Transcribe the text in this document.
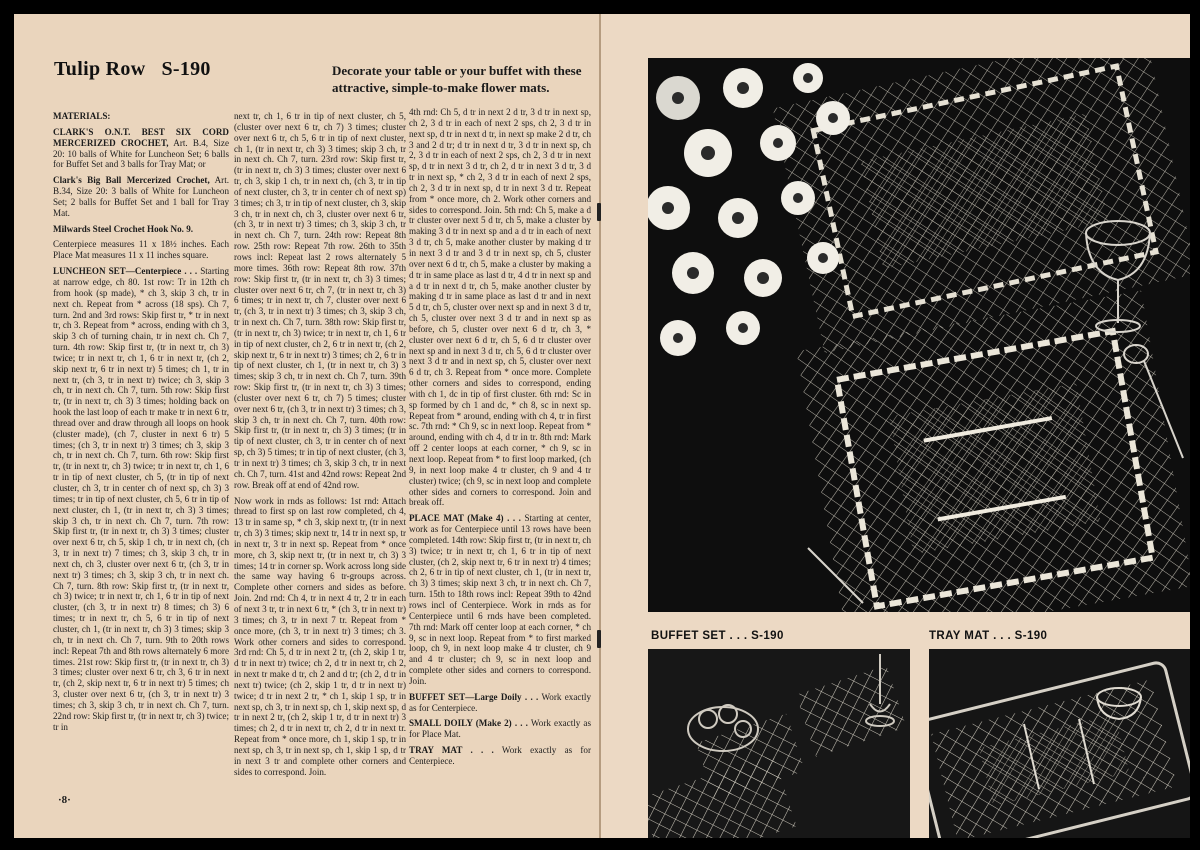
Tulip Row S-190	Decorate your table or your buffet with these attractive, simple-to-make flower mats.

MATERIALS:

CLARK'S O.N.T. BEST SIX CORD MERCERIZED CROCHET, Art. B.4, Size 20: 10 balls of White for Luncheon Set; 6 balls for Buffet Set and 3 balls for Tray Mat; or

Clark's Big Ball Mercerized Crochet, Art. B.34, Size 20: 3 balls of White for Luncheon Set; 2 balls for Buffet Set and 1 ball for Tray Mat.

Milwards Steel Crochet Hook No. 9.

Centerpiece measures 11 x 18½ inches. Each Place Mat measures 11 x 11 inches square.

LUNCHEON SET—Centerpiece . . . Starting at narrow edge, ch 80. 1st row: Tr in 12th ch from hook (sp made), * ch 3, skip 3 ch, tr in next ch. Repeat from * across (18 sps). Ch 7, turn. 2nd and 3rd rows: Skip first tr, * tr in next tr, ch 3. Repeat from * across, ending with ch 3, skip 3 ch of turning chain, tr in next ch. Ch 7, turn. 4th row: Skip first tr, (tr in next tr, ch 3) twice; tr in next tr, ch 1, 6 tr in next tr, (ch 2, skip next tr, 6 tr in next tr) 5 times; ch 1, tr in next tr, (ch 3, tr in next tr) twice; ch 3, skip 3 ch, tr in next ch. Ch 7, turn. 5th row: Skip first tr, (tr in next tr, ch 3) 3 times; holding back on hook the last loop of each tr make tr in next 6 tr, thread over and draw through all loops on hook (cluster made), (ch 7, cluster in next 6 tr) 5 times; (ch 3, tr in next tr) 3 times; ch 3, skip 3 ch, tr in next ch. Ch 7, turn. 6th row: Skip first tr, (tr in next tr, ch 3) twice; tr in next tr, ch 1, 6 tr in tip of next cluster, ch 5, (tr in tip of next cluster, ch 3, tr in center ch of next sp, ch 3) 3 times; tr in tip of next cluster, ch 5, 6 tr in tip of next cluster, ch 1, (tr in next tr, ch 3) 3 times; skip 3 ch, tr in next ch. Ch 7, turn. 7th row: Skip first tr, (tr in next tr, ch 3) 3 times; cluster over next 6 tr, ch 5, skip 1 ch, tr in next ch, (ch 3, tr in next tr) 7 times; ch 3, skip 3 ch, tr in next ch, ch 3, cluster over next 6 tr, (ch 3, tr in next tr) 3 times; ch 3, skip 3 ch, tr in next ch. Ch 7, turn. 8th row: Skip first tr, (tr in next tr, ch 3) twice; tr in next tr, ch 1, 6 tr in tip of next cluster, (ch 3, tr in next tr) 8 times; ch 3) 6 times; tr in next tr, ch 5, 6 tr in tip of next cluster, ch 1, (tr in next tr, ch 3) 3 times; skip 3 ch, tr in next ch. Ch 7, turn. 9th to 20th rows incl: Repeat 7th and 8th rows alternately 6 more times. 21st row: Skip first tr, (tr in next tr, ch 3) 3 times; cluster over next 6 tr, ch 3, 6 tr in next tr, (ch 2, skip next tr, 6 tr in next tr) 5 times; ch 3, cluster over next 6 tr, (ch 3, tr in next tr) 3 times; ch 3, skip 3 ch, tr in next ch. Ch 7, turn. 22nd row: Skip first tr, (tr in next tr, ch 3) twice; tr in

next tr, ch 1, 6 tr in tip of next cluster, ch 5, (cluster over next 6 tr, ch 7) 3 times; cluster over next 6 tr, ch 5, 6 tr in tip of next cluster, ch 1, (tr in next tr, ch 3) 3 times; skip 3 ch, tr in next ch. Ch 7, turn. 23rd row: Skip first tr, (tr in next tr, ch 3) 3 times; cluster over next 6 tr, ch 3, skip 1 ch, tr in next ch, (ch 3, tr in tip of next cluster, ch 3, tr in center ch of next sp) 3 times; ch 3, tr in tip of next cluster, ch 3, skip 3 ch, tr in next ch, ch 3, cluster over next 6 tr, (ch 3, tr in next tr) 3 times; ch 3, skip 3 ch, tr in next ch. Ch 7, turn. 24th row: Repeat 8th row. 25th row: Repeat 7th row. 26th to 35th rows incl: Repeat last 2 rows alternately 5 more times. 36th row: Repeat 8th row. 37th row: Skip first tr, (tr in next tr, ch 3) 3 times; cluster over next 6 tr, ch 7, (tr in next tr, ch 3) 6 times; tr in next tr, ch 7, cluster over next 6 tr, (ch 3, tr in next tr) 3 times; ch 3, skip 3 ch, tr in next ch. Ch 7, turn. 38th row: Skip first tr, (tr in next tr, ch 3) twice; tr in next tr, ch 1, 6 tr in tip of next cluster, ch 2, 6 tr in next tr, (ch 2, skip next tr, 6 tr in next tr) 3 times; ch 2, 6 tr in tip of next cluster, ch 1, (tr in next tr, ch 3) 3 times; skip 3 ch, tr in next ch. Ch 7, turn. 39th row: Skip first tr, (tr in next tr, ch 3) 3 times; (cluster over next 6 tr, ch 7) 5 times; cluster over next 6 tr, (ch 3, tr in next tr) 3 times; ch 3, skip 3 ch, tr in next ch. Ch 7, turn. 40th row: Skip first tr, (tr in next tr, ch 3) 3 times; (tr in tip of next cluster, ch 3, tr in center ch of next sp, ch 3) 5 times; tr in tip of next cluster, (ch 3, tr in next tr) 3 times; ch 3, skip 3 ch, tr in next ch. Ch 7, turn. 41st and 42nd rows: Repeat 2nd row. Break off at end of 42nd row.

Now work in rnds as follows: 1st rnd: Attach thread to first sp on last row completed, ch 4, 13 tr in same sp, * ch 3, skip next tr, (tr in next tr, ch 3) 3 times; skip next tr, 14 tr in next sp, tr in next tr, 3 tr in next sp. Repeat from * once more, ch 3, skip next tr, (tr in next tr, ch 3) 3 times; 14 tr in corner sp. Work across long side the same way having 6 tr-groups across. Complete other corners and sides as before. Join. 2nd rnd: Ch 4, tr in next 4 tr, 2 tr in each of next 3 tr, tr in next 6 tr, * (ch 3, tr in next tr) 3 times; ch 3, tr in next 7 tr. Repeat from * once more, (ch 3, tr in next tr) 3 times; ch 3. Work other corners and sides to correspond. 3rd rnd: Ch 5, d tr in next 2 tr, (ch 2, skip 1 tr, d tr in next tr) twice; ch 2, d tr in next tr, ch 2, in next tr make d tr, ch 2 and d tr; (ch 2, d tr in next tr) twice; (ch 2, skip 1 tr, d tr in next tr) twice; d tr in next 2 tr, * ch 1, skip 1 sp, tr in next sp, ch 3, tr in next sp, ch 1, skip next sp, d tr in next 2 tr, (ch 2, skip 1 tr, d tr in next tr) 3 times; ch 2, d tr in next tr, ch 2, d tr in next tr. Repeat from * once more, ch 1, skip 1 sp, tr in next sp, ch 3, tr in next sp, ch 1, skip 1 sp, d tr in next 3 tr and complete other corners and sides to correspond. Join.

4th rnd: Ch 5, d tr in next 2 d tr, 3 d tr in next sp, ch 2, 3 d tr in each of next 2 sps, ch 2, 3 d tr in next sp, d tr in next d tr, in next sp make 2 d tr, ch 3 and 2 d tr; d tr in next d tr, 3 d tr in next sp, ch 2, 3 d tr in each of next 2 sps, ch 2, 3 d tr in next sp, d tr in next 3 d tr, ch 2, d tr in next 3 d tr, 3 d tr in next sp, * ch 2, 3 d tr in each of next 2 sps, ch 2, 3 d tr in next sp, d tr in next 3 d tr. Repeat from * once more, ch 2. Work other corners and sides to correspond. Join. 5th rnd: Ch 5, make a d tr cluster over next 5 d tr, ch 5, make a cluster by making 3 d tr in next sp and a d tr in each of next 3 d tr, ch 5, make another cluster by making d tr in next 3 d tr and 3 d tr in next sp, ch 5, cluster over next 6 d tr, ch 5, make a cluster by making a d tr in same place as last d tr, 4 d tr in next sp and a d tr in next d tr, ch 5, make another cluster by making d tr in same place as last d tr and in next 5 d tr, ch 5, cluster over next sp and in next 3 d tr, ch 5, cluster over next 3 d tr and in next sp as before, ch 5, cluster over next 6 d tr, ch 3, * cluster over next 6 d tr, ch 5, 6 d tr cluster over next sp and in next 3 d tr, ch 5, 6 d tr cluster over next 3 d tr and in next sp, ch 5, cluster over next 6 d tr, ch 3. Repeat from * once more. Complete other corners and sides to correspond, ending with ch 1, dc in tip of first cluster. 6th rnd: Sc in sp formed by ch 1 and dc, * ch 8, sc in next sp. Repeat from * around, ending with ch 4, tr in first sc. 7th rnd: * Ch 9, sc in next loop. Repeat from * around, ending with ch 4, d tr in tr. 8th rnd: Mark off 2 center loops at each corner, * ch 9, sc in next loop. Repeat from * to first loop marked, (ch 9, in next loop make 4 tr cluster, ch 9 and 4 tr cluster) twice; (ch 9, sc in next loop and complete other sides and corners to correspond. Join and break off.

PLACE MAT (Make 4) . . . Starting at center, work as for Centerpiece until 13 rows have been completed. 14th row: Skip first tr, (tr in next tr, ch 3) twice; tr in next tr, ch 1, 6 tr in tip of next cluster, (ch 2, skip next tr, 6 tr in next tr) 4 times; ch 2, 6 tr in tip of next cluster, ch 1, (tr in next tr, ch 3) 3 times; skip next 3 ch, tr in next ch. Ch 7, turn. 15th to 18th rows incl: Repeat 39th to 42nd rows incl of Centerpiece. Work in rnds as for Centerpiece until 6 rnds have been completed. 7th rnd: Mark off center loop at each corner, * ch 9, sc in next loop. Repeat from * to first marked loop, ch 9, in next loop make 4 tr cluster, ch 9 and 4 tr cluster; ch 9, sc in next loop and complete other sides and corners to correspond. Join.

BUFFET SET—Large Doily . . . Work exactly as for Centerpiece.

SMALL DOILY (Make 2) . . . Work exactly as for Place Mat.

TRAY MAT . . . Work exactly as for Centerpiece.

·8·
BUFFET SET . . . S-190	TRAY MAT . . . S-190
